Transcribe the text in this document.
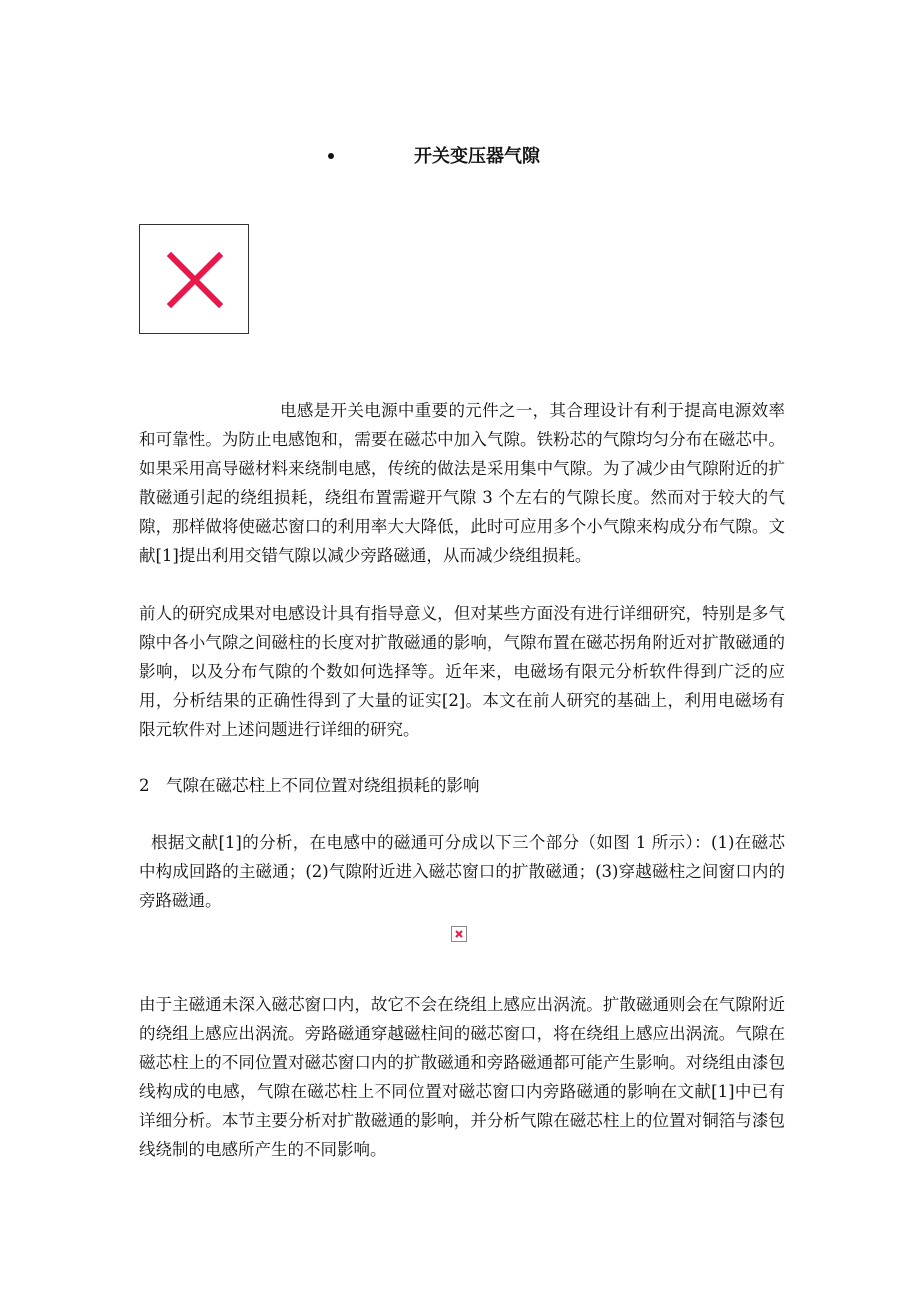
开关变压器气隙

电感是开关电源中重要的元件之一，其合理设计有利于提高电源效率和可靠性。为防止电感饱和，需要在磁芯中加入气隙。铁粉芯的气隙均匀分布在磁芯中。如果采用高导磁材料来绕制电感，传统的做法是采用集中气隙。为了减少由气隙附近的扩散磁通引起的绕组损耗，绕组布置需避开气隙 3 个左右的气隙长度。然而对于较大的气隙，那样做将使磁芯窗口的利用率大大降低，此时可应用多个小气隙来构成分布气隙。文献[1]提出利用交错气隙以减少旁路磁通，从而减少绕组损耗。

前人的研究成果对电感设计具有指导意义，但对某些方面没有进行详细研究，特别是多气隙中各小气隙之间磁柱的长度对扩散磁通的影响，气隙布置在磁芯拐角附近对扩散磁通的影响，以及分布气隙的个数如何选择等。近年来，电磁场有限元分析软件得到广泛的应用，分析结果的正确性得到了大量的证实[2]。本文在前人研究的基础上，利用电磁场有限元软件对上述问题进行详细的研究。

2　气隙在磁芯柱上不同位置对绕组损耗的影响

根据文献[1]的分析，在电感中的磁通可分成以下三个部分（如图 1 所示）：(1)在磁芯中构成回路的主磁通；(2)气隙附近进入磁芯窗口的扩散磁通；(3)穿越磁柱之间窗口内的旁路磁通。

由于主磁通未深入磁芯窗口内，故它不会在绕组上感应出涡流。扩散磁通则会在气隙附近的绕组上感应出涡流。旁路磁通穿越磁柱间的磁芯窗口，将在绕组上感应出涡流。气隙在磁芯柱上的不同位置对磁芯窗口内的扩散磁通和旁路磁通都可能产生影响。对绕组由漆包线构成的电感，气隙在磁芯柱上不同位置对磁芯窗口内旁路磁通的影响在文献[1]中已有详细分析。本节主要分析对扩散磁通的影响，并分析气隙在磁芯柱上的位置对铜箔与漆包线绕制的电感所产生的不同影响。
